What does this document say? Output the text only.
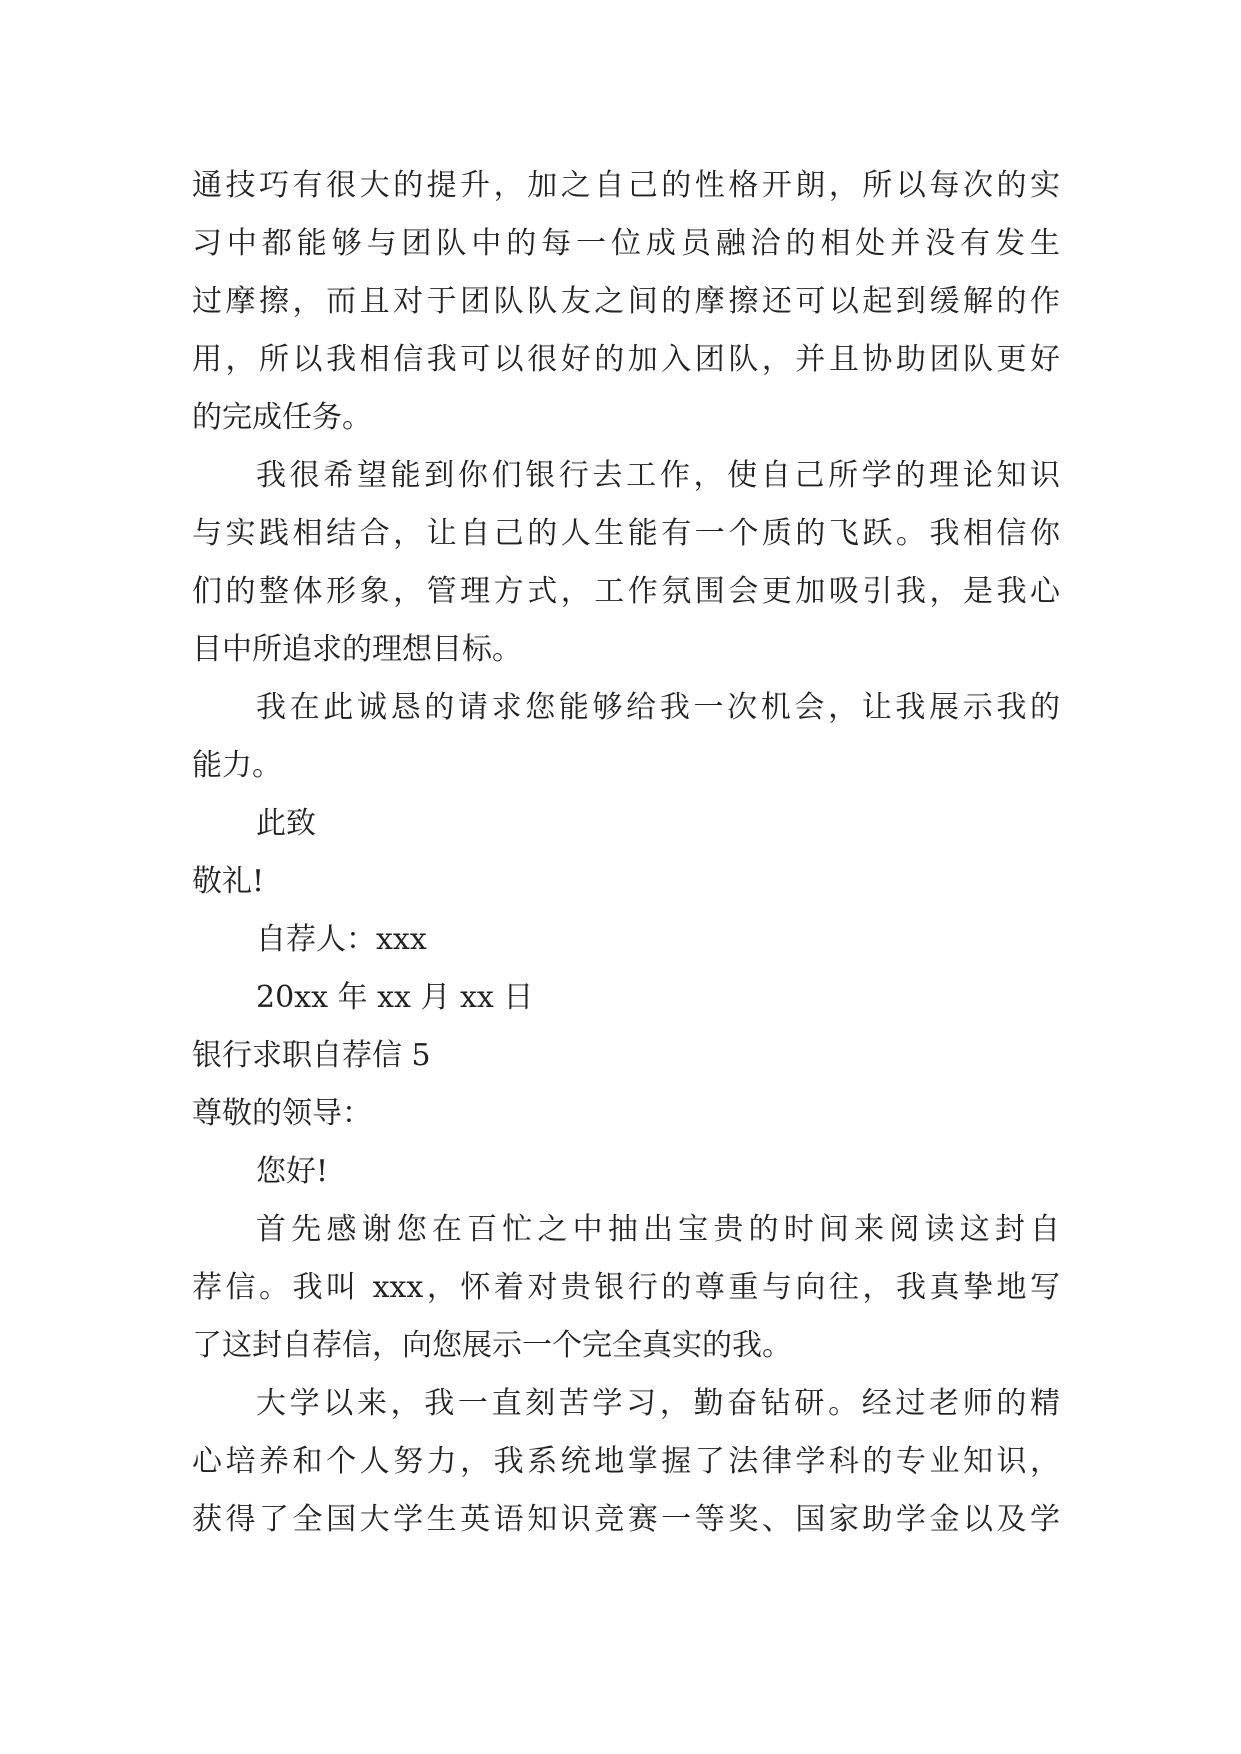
通技巧有很大的提升，加之自己的性格开朗，所以每次的实
习中都能够与团队中的每一位成员融洽的相处并没有发生
过摩擦，而且对于团队队友之间的摩擦还可以起到缓解的作
用，所以我相信我可以很好的加入团队，并且协助团队更好
的完成任务。
我很希望能到你们银行去工作，使自己所学的理论知识
与实践相结合，让自己的人生能有一个质的飞跃。我相信你
们的整体形象，管理方式，工作氛围会更加吸引我，是我心
目中所追求的理想目标。
我在此诚恳的请求您能够给我一次机会，让我展示我的
能力。
此致
敬礼!
自荐人：xxx
20xx 年 xx 月 xx 日
银行求职自荐信 5
尊敬的领导：
您好!
首先感谢您在百忙之中抽出宝贵的时间来阅读这封自
荐信。我叫 xxx，怀着对贵银行的尊重与向往，我真挚地写
了这封自荐信，向您展示一个完全真实的我。
大学以来，我一直刻苦学习，勤奋钻研。经过老师的精
心培养和个人努力，我系统地掌握了法律学科的专业知识，
获得了全国大学生英语知识竞赛一等奖、国家助学金以及学
